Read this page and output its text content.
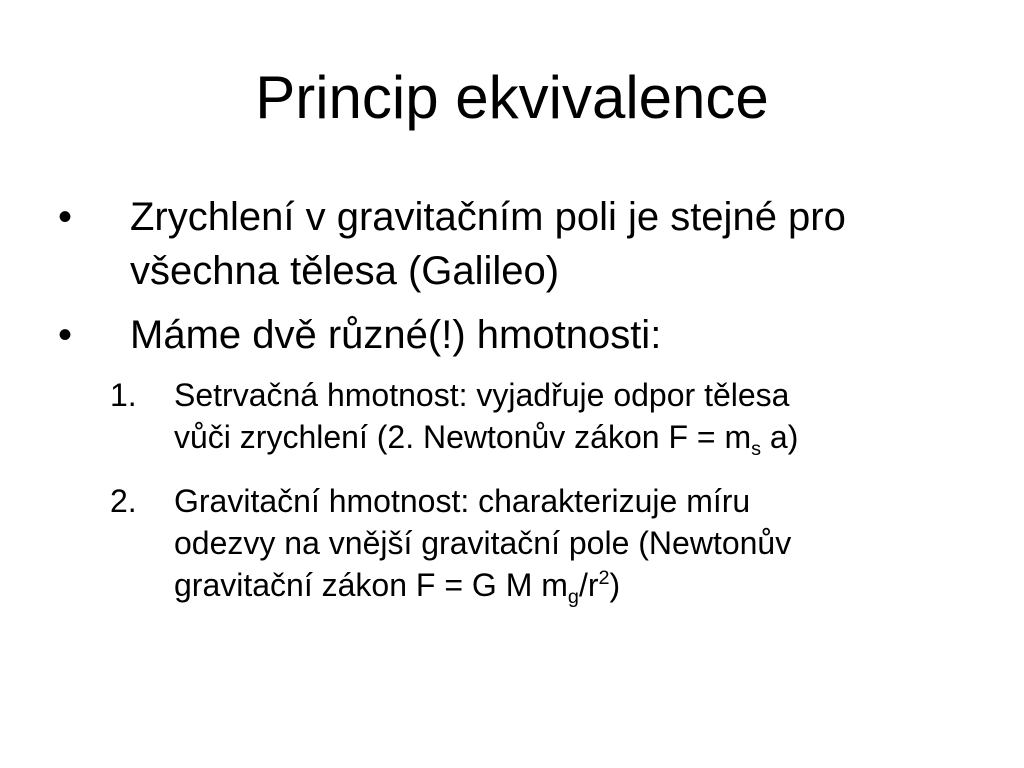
Princip ekvivalence
• Zrychlení v gravitačním poli je stejné pro
všechna tělesa (Galileo)
• Máme dvě různé(!) hmotnosti:
1. Setrvačná hmotnost: vyjadřuje odpor tělesa
vůči zrychlení (2. Newtonův zákon $F = m_s$ a)
2. Gravitační hmotnost: charakterizuje míru
odezvy na vnější gravitační pole (Newtonův
gravitační zákon F = G M $m_g/r^2$)
